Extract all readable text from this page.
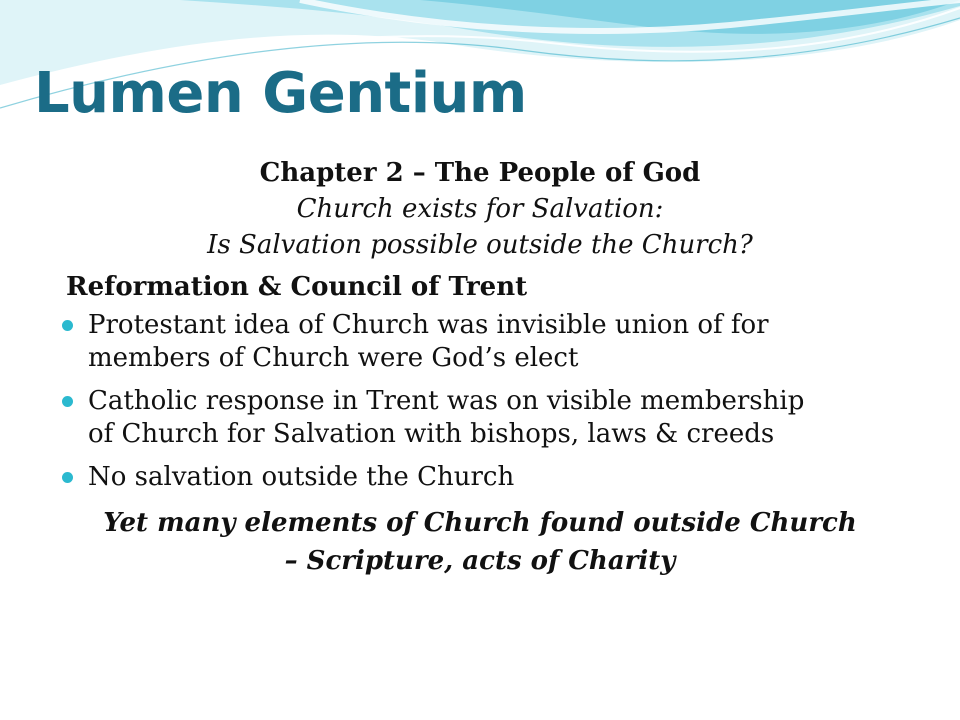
Lumen Gentium

Chapter 2 – The People of God

Church exists for Salvation:

Is Salvation possible outside the Church?

Reformation & Council of Trent

Protestant idea of Church was invisible union of for
members of Church were God’s elect
Catholic response in Trent was on visible membership
of Church for Salvation with bishops, laws & creeds
No salvation outside the Church
Yet many elements of Church found outside Church
– Scripture, acts of Charity
